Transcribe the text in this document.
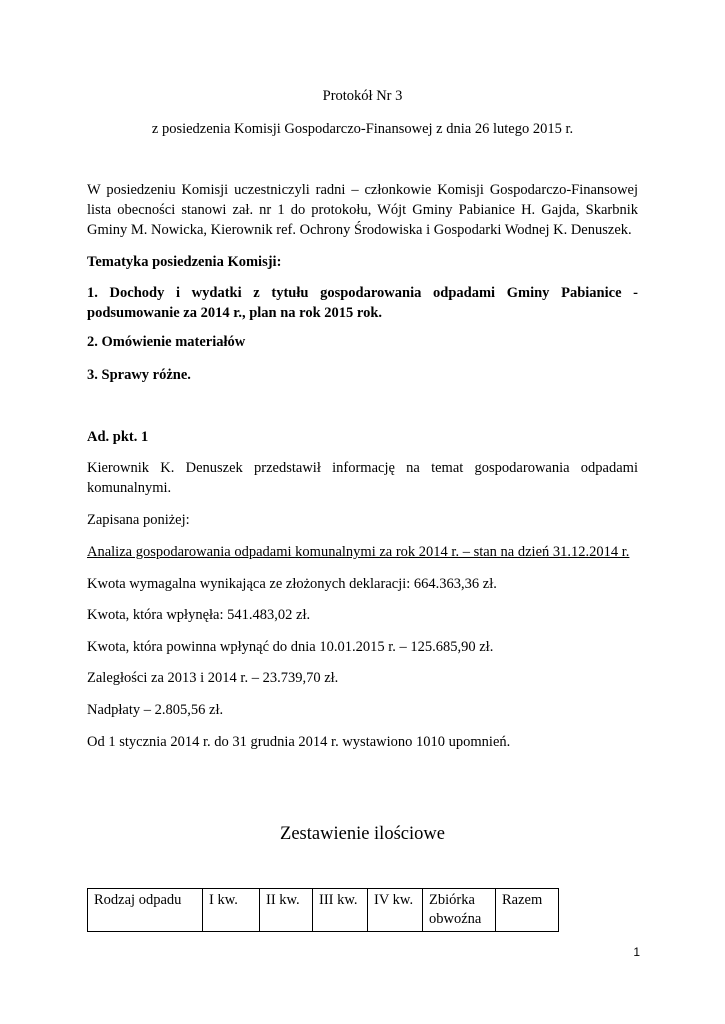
Protokół Nr 3
z posiedzenia Komisji Gospodarczo-Finansowej z dnia 26 lutego 2015 r.
W posiedzeniu Komisji uczestniczyli radni – członkowie Komisji Gospodarczo-Finansowej lista obecności stanowi zał. nr 1 do protokołu, Wójt Gminy Pabianice H. Gajda, Skarbnik Gminy M. Nowicka, Kierownik ref. Ochrony Środowiska i Gospodarki Wodnej K. Denuszek.
Tematyka posiedzenia Komisji:
1. Dochody i wydatki z tytułu gospodarowania odpadami Gminy Pabianice - podsumowanie za 2014 r., plan na rok 2015 rok.
2. Omówienie materiałów
3. Sprawy różne.
Ad. pkt. 1
Kierownik K. Denuszek przedstawił informację na temat gospodarowania odpadami komunalnymi.
Zapisana poniżej:
Analiza gospodarowania odpadami komunalnymi za rok 2014 r. – stan na dzień 31.12.2014 r.
Kwota wymagalna wynikająca ze złożonych deklaracji: 664.363,36 zł.
Kwota, która wpłynęła: 541.483,02 zł.
Kwota, która powinna wpłynąć do dnia 10.01.2015 r. – 125.685,90 zł.
Zaległości za 2013 i 2014 r. – 23.739,70 zł.
Nadpłaty – 2.805,56 zł.
Od 1 stycznia 2014 r. do 31 grudnia 2014 r. wystawiono 1010 upomnień.
Zestawienie ilościowe
Rodzaj odpadu	I kw.	II kw.	III kw.	IV kw.	Zbiórka obwoźna	Razem
1
